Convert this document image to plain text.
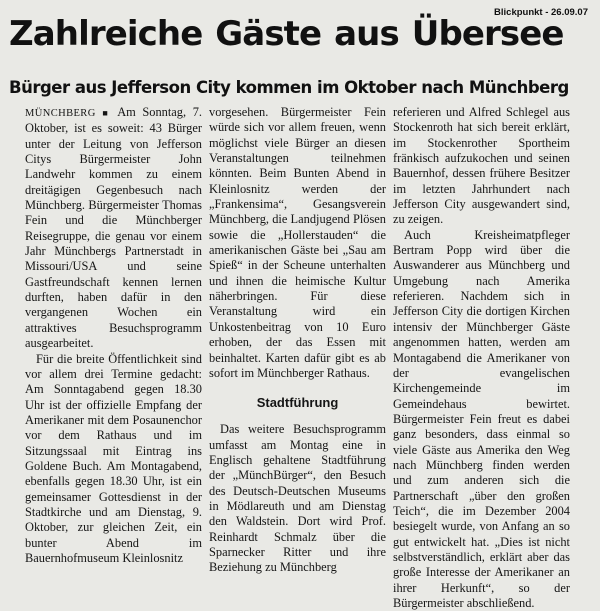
Blickpunkt - 26.09.07
Zahlreiche Gäste aus Übersee
Bürger aus Jefferson City kommen im Oktober nach Münchberg

MÜNCHBERG ■ Am Sonntag, 7. Oktober, ist es soweit: 43 Bürger unter der Leitung von Jefferson Citys Bürgermeister John Landwehr kommen zu einem dreitägigen Gegenbesuch nach Münchberg. Bürgermeister Thomas Fein und die Münchberger Reisegruppe, die genau vor einem Jahr Münchbergs Partnerstadt in Missouri/USA und seine Gastfreundschaft kennen lernen durften, haben dafür in den vergangenen Wochen ein attraktives Besuchsprogramm ausgearbeitet.

Für die breite Öffentlichkeit sind vor allem drei Termine gedacht: Am Sonntagabend gegen 18.30 Uhr ist der offizielle Empfang der Amerikaner mit dem Posaunenchor vor dem Rathaus und im Sitzungssaal mit Eintrag ins Goldene Buch. Am Montagabend, ebenfalls gegen 18.30 Uhr, ist ein gemeinsamer Gottesdienst in der Stadtkirche und am Dienstag, 9. Oktober, zur gleichen Zeit, ein bunter Abend im Bauernhofmuseum Kleinlosnitz

vorgesehen. Bürgermeister Fein würde sich vor allem freuen, wenn möglichst viele Bürger an diesen Veranstaltungen teilnehmen könnten. Beim Bunten Abend in Kleinlosnitz werden der „Frankensima“, Gesangsverein Münchberg, die Landjugend Plösen sowie die „Hollerstauden“ die amerikanischen Gäste bei „Sau am Spieß“ in der Scheune unterhalten und ihnen die heimische Kultur näherbringen. Für diese Veranstaltung wird ein Unkostenbeitrag von 10 Euro erhoben, der das Essen mit beinhaltet. Karten dafür gibt es ab sofort im Münchberger Rathaus.

Stadtführung

Das weitere Besuchsprogramm umfasst am Montag eine in Englisch gehaltene Stadtführung der „MünchBürger“, den Besuch des Deutsch-Deutschen Museums in Mödlareuth und am Dienstag den Waldstein. Dort wird Prof. Reinhardt Schmalz über die Sparnecker Ritter und ihre Beziehung zu Münchberg

referieren und Alfred Schlegel aus Stockenroth hat sich bereit erklärt, im Stockenrother Sportheim fränkisch aufzukochen und seinen Bauernhof, dessen frühere Besitzer im letzten Jahrhundert nach Jefferson City ausgewandert sind, zu zeigen.

Auch Kreisheimatpfleger Bertram Popp wird über die Auswanderer aus Münchberg und Umgebung nach Amerika referieren. Nachdem sich in Jefferson City die dortigen Kirchen intensiv der Münchberger Gäste angenommen hatten, werden am Montagabend die Amerikaner von der evangelischen Kirchengemeinde im Gemeindehaus bewirtet. Bürgermeister Fein freut es dabei ganz besonders, dass einmal so viele Gäste aus Amerika den Weg nach Münchberg finden werden und zum anderen sich die Partnerschaft „über den großen Teich“, die im Dezember 2004 besiegelt wurde, von Anfang an so gut entwickelt hat. „Dies ist nicht selbstverständlich, erklärt aber das große Interesse der Amerikaner an ihrer Herkunft“, so der Bürgermeister abschließend.
